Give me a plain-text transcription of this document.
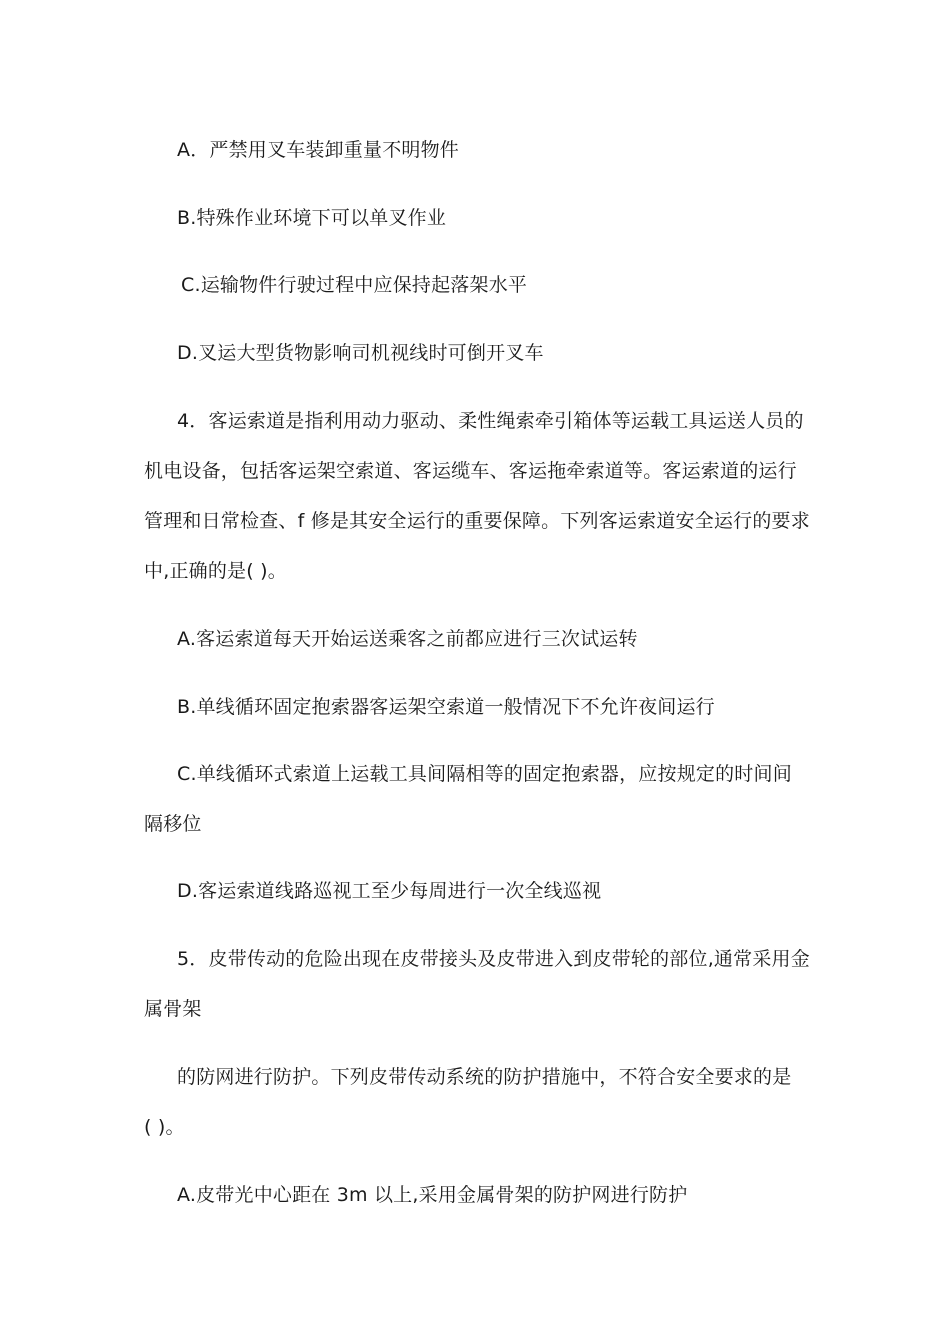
A．严禁用叉车装卸重量不明物件
B.特殊作业环境下可以单叉作业
C.运输物件行驶过程中应保持起落架水平
D.叉运大型货物影响司机视线时可倒开叉车
4．客运索道是指利用动力驱动、柔性绳索牵引箱体等运载工具运送人员的
机电设备，包括客运架空索道、客运缆车、客运拖牵索道等。客运索道的运行
管理和日常检查、f 修是其安全运行的重要保障。下列客运索道安全运行的要求
中,正确的是( )。
A.客运索道每天开始运送乘客之前都应进行三次试运转
B.单线循环固定抱索器客运架空索道一般情况下不允许夜间运行
C.单线循环式索道上运载工具间隔相等的固定抱索器，应按规定的时间间
隔移位
D.客运索道线路巡视工至少每周进行一次全线巡视
5．皮带传动的危险出现在皮带接头及皮带进入到皮带轮的部位,通常采用金
属骨架
的防网进行防护。下列皮带传动系统的防护措施中，不符合安全要求的是
( )。
A.皮带光中心距在 3m 以上,采用金属骨架的防护网进行防护
